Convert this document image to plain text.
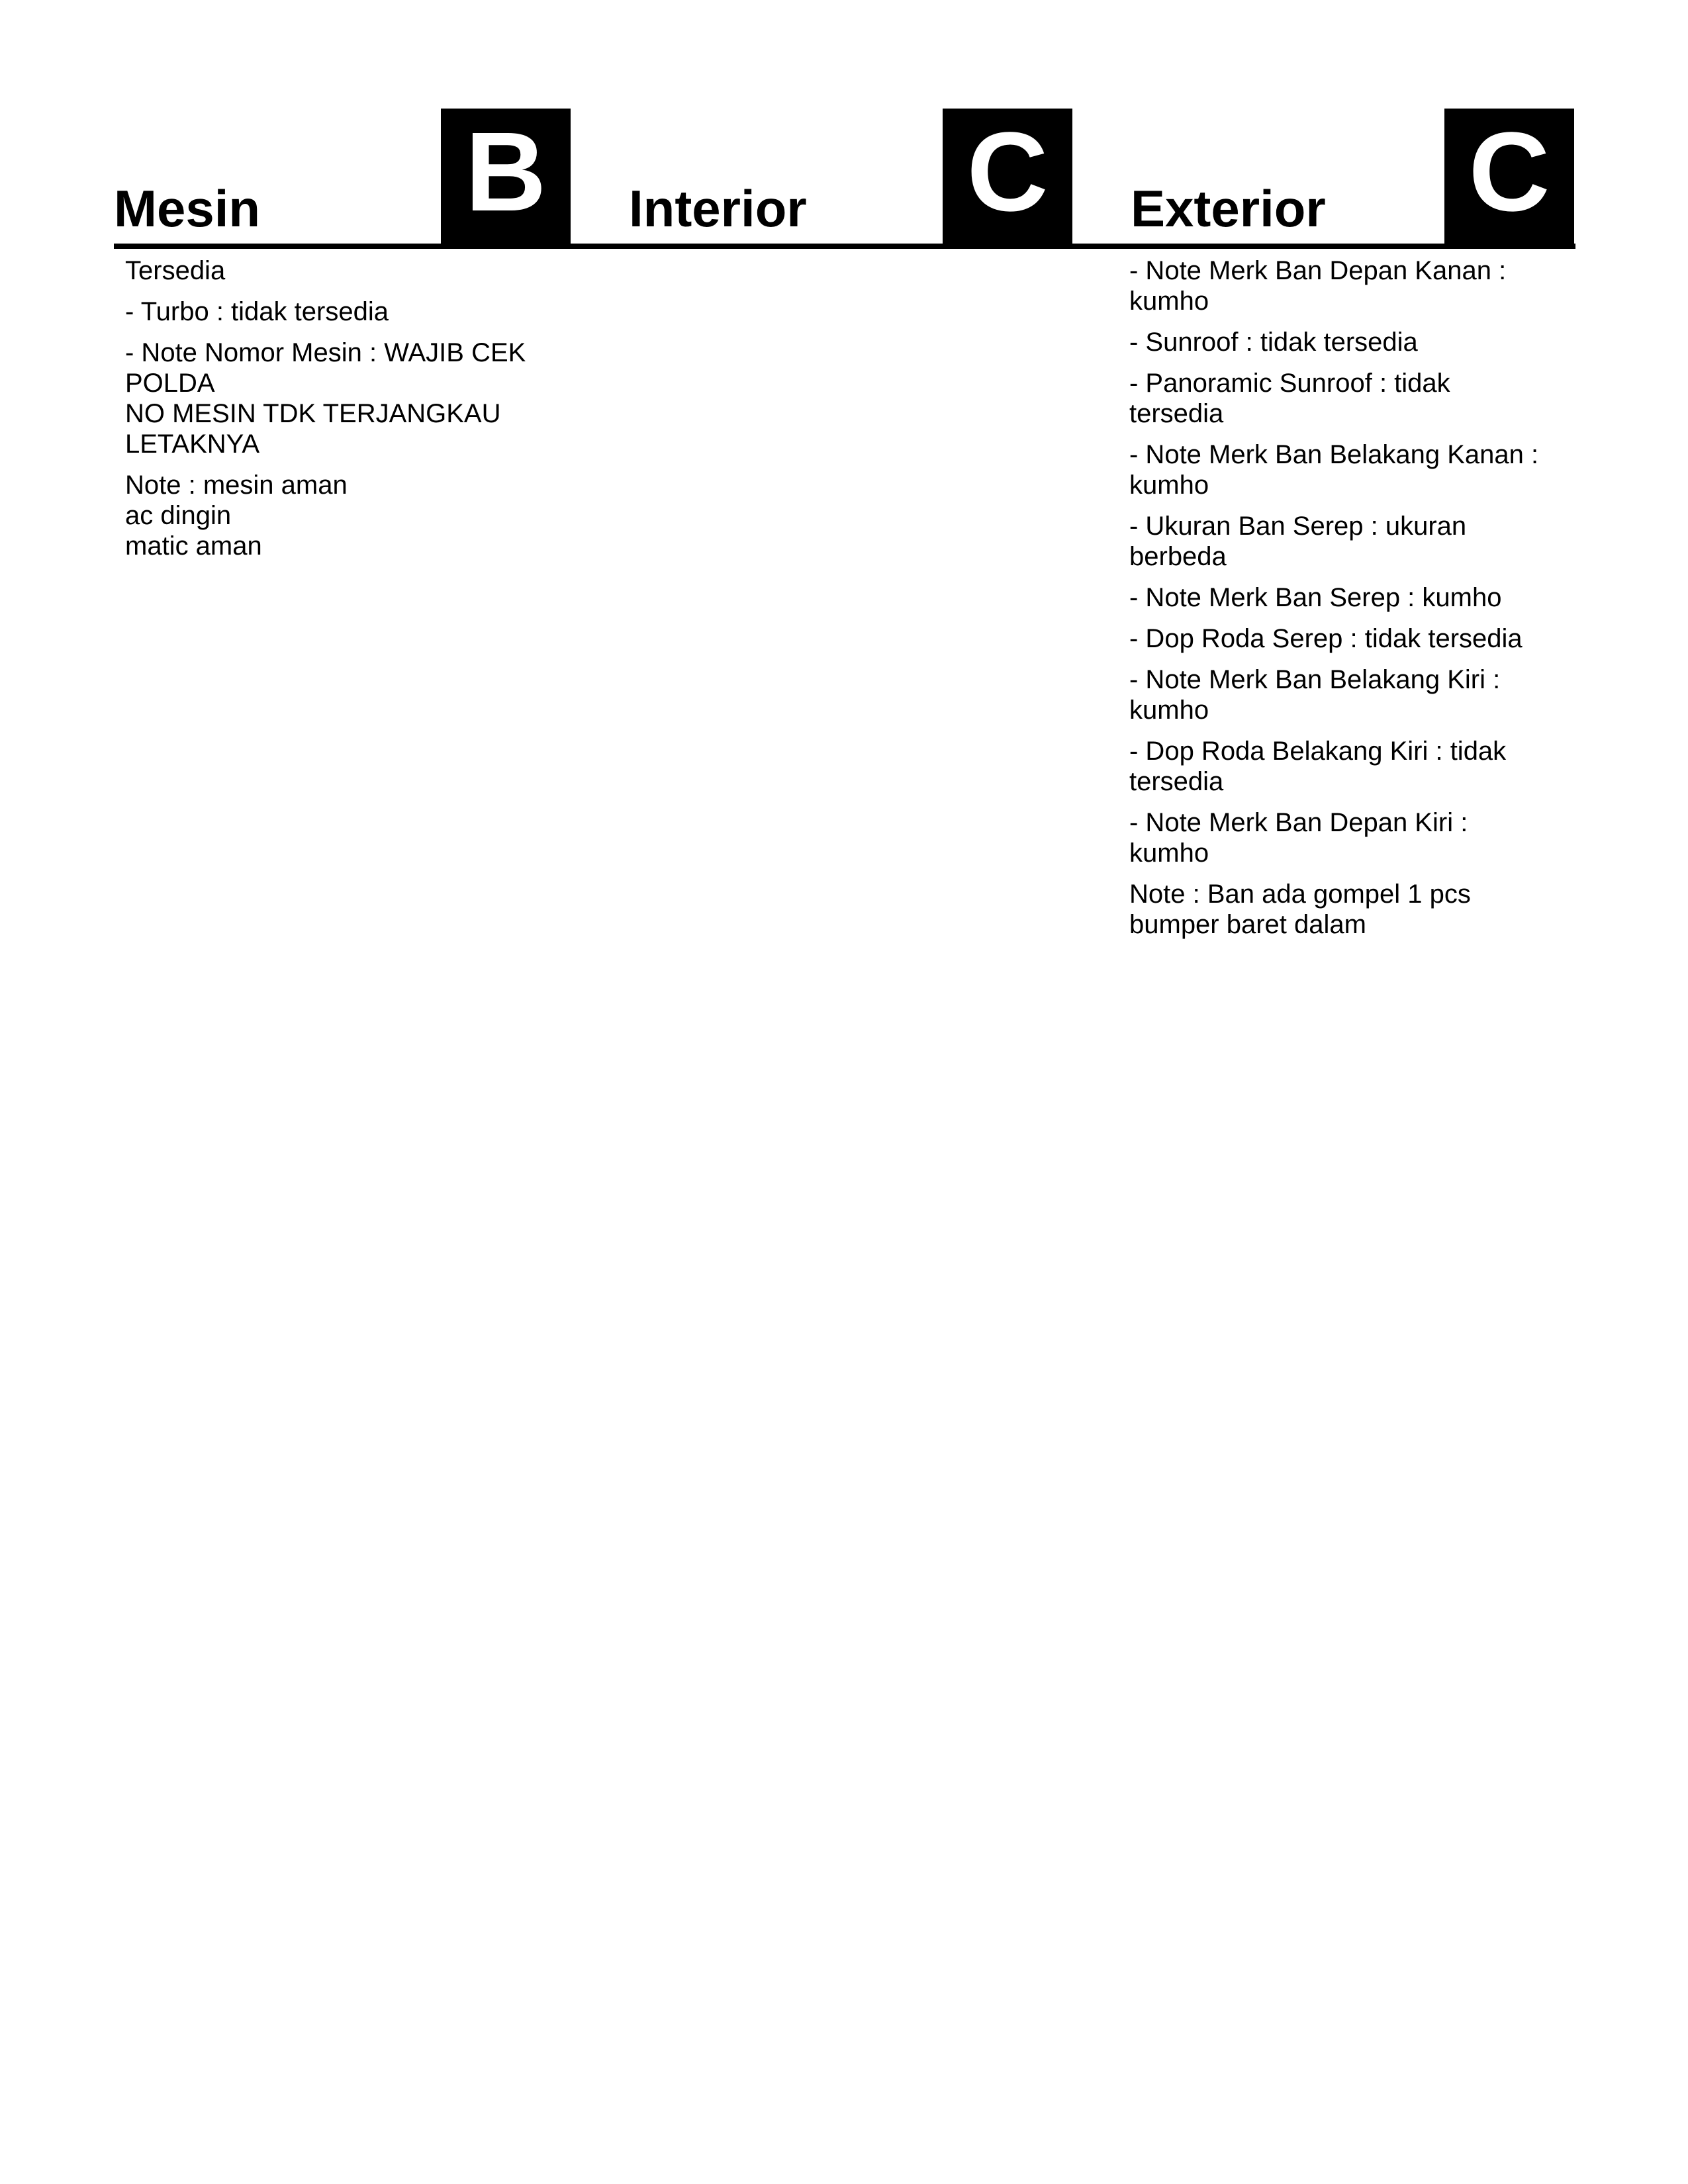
Mesin B Interior C Exterior C
Tersedia
- Turbo : tidak tersedia
- Note Nomor Mesin : WAJIB CEK
POLDA
NO MESIN TDK TERJANGKAU
LETAKNYA
Note : mesin aman
ac dingin
matic aman
- Note Merk Ban Depan Kanan :
kumho
- Sunroof : tidak tersedia
- Panoramic Sunroof : tidak
tersedia
- Note Merk Ban Belakang Kanan :
kumho
- Ukuran Ban Serep : ukuran
berbeda
- Note Merk Ban Serep : kumho
- Dop Roda Serep : tidak tersedia
- Note Merk Ban Belakang Kiri :
kumho
- Dop Roda Belakang Kiri : tidak
tersedia
- Note Merk Ban Depan Kiri :
kumho
Note : Ban ada gompel 1 pcs
bumper baret dalam
